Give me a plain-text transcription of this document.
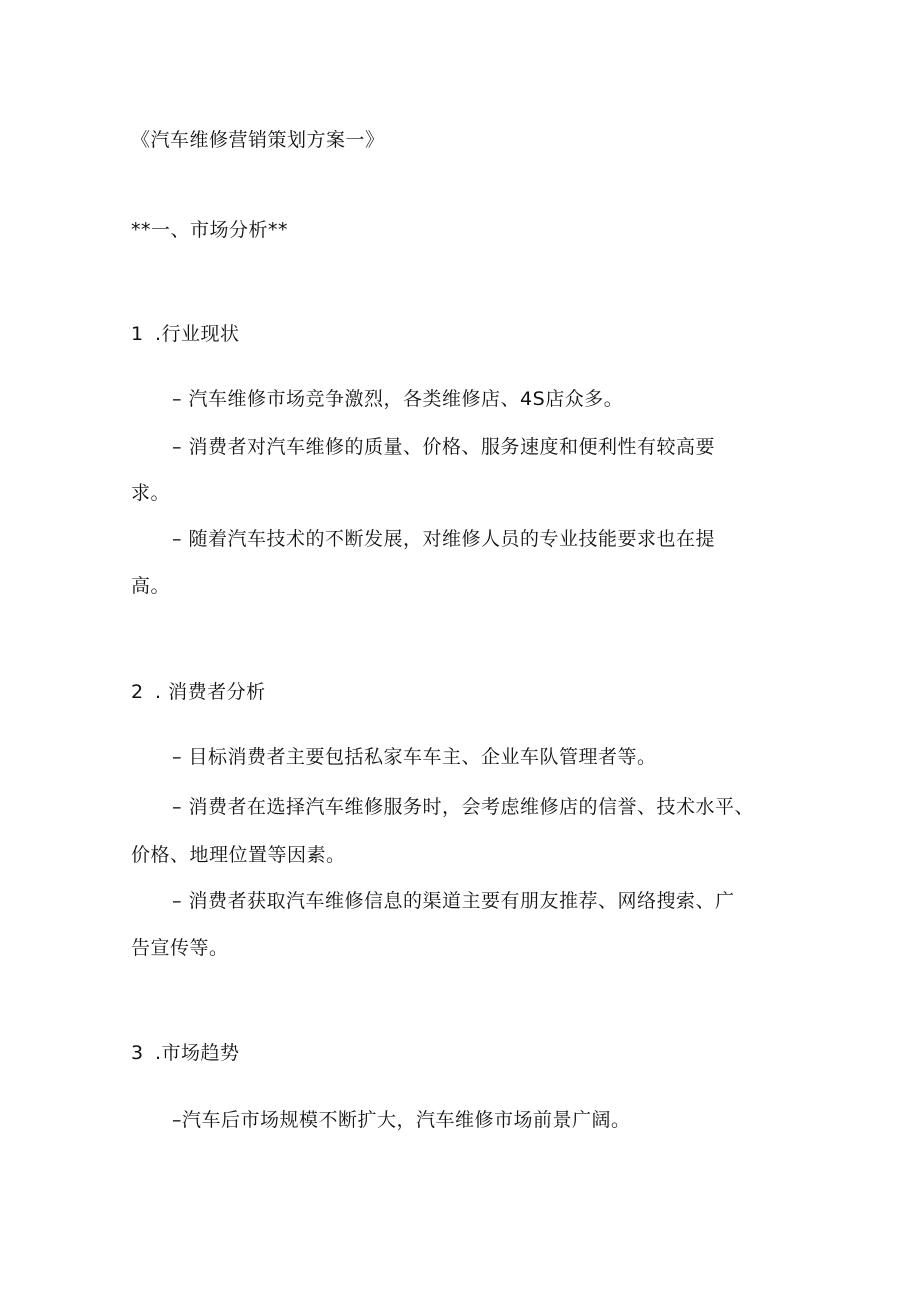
《汽车维修营销策划方案一》
**一、市场分析**
1 .行业现状
– 汽车维修市场竞争激烈，各类维修店、4S店众多。
– 消费者对汽车维修的质量、价格、服务速度和便利性有较高要
求。
– 随着汽车技术的不断发展，对维修人员的专业技能要求也在提
高。
2 . 消费者分析
– 目标消费者主要包括私家车车主、企业车队管理者等。
– 消费者在选择汽车维修服务时，会考虑维修店的信誉、技术水平、
价格、地理位置等因素。
– 消费者获取汽车维修信息的渠道主要有朋友推荐、网络搜索、广
告宣传等。
3 .市场趋势
–汽车后市场规模不断扩大，汽车维修市场前景广阔。
